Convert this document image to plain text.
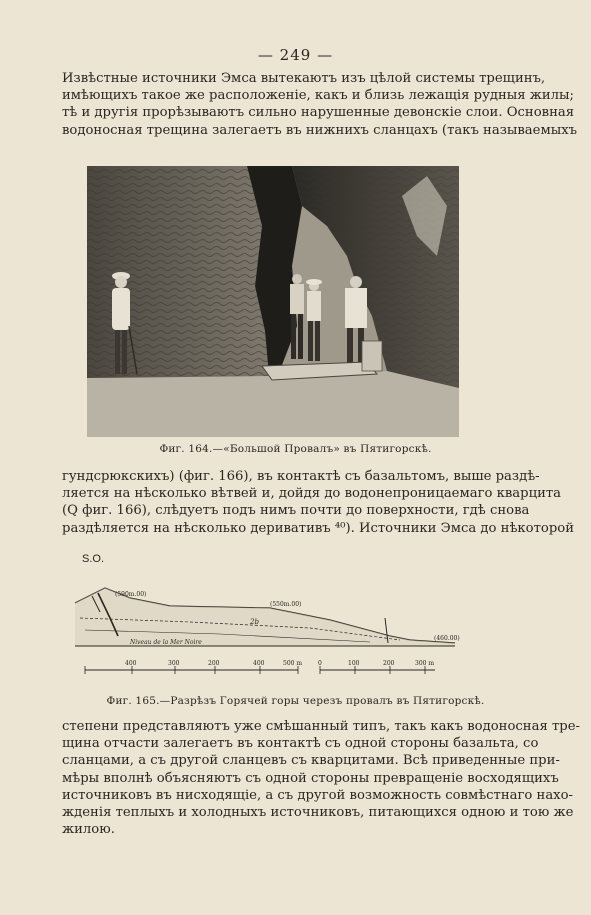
— 249 —
Извѣстные источники Эмса вытекаютъ изъ цѣлой системы трещинъ,
имѣющихъ такое же расположеніе, какъ и близь лежащія рудныя жилы;
тѣ и другія прорѣзываютъ сильно нарушенные девонскіе слои. Основная
водоносная трещина залегаетъ въ нижнихъ сланцахъ (такъ называемыхъ
Фиг. 164.—«Большой Провалъ» въ Пятигорскѣ.
гундсрюкскихъ) (фиг. 166), въ контактѣ съ базальтомъ, выше раздѣ-
ляется на нѣсколько вѣтвей и, дойдя до водонепроницаемаго кварцита
(Q фиг. 166), слѣдуетъ подъ нимъ почти до поверхности, гдѣ снова
раздѣляется на нѣсколько деривативъ ⁴⁰). Источники Эмса до нѣкоторой
S.O.
(590m.00)
(550m.00)
(460.00)
2b
Niveau de la Mer Noire
400	300	200	400	500 m	0	100	200	300 m
Фиг. 165.—Разрѣзъ Горячей горы черезъ провалъ въ Пятигорскѣ.
степени представляютъ уже смѣшанный типъ, такъ какъ водоносная тре-
щина отчасти залегаетъ въ контактѣ съ одной стороны базальта, со
сланцами, а съ другой сланцевъ съ кварцитами. Всѣ приведенные при-
мѣры вполнѣ объясняютъ съ одной стороны превращеніе восходящихъ
источниковъ въ нисходящіе, а съ другой возможность совмѣстнаго нахо-
жденія теплыхъ и холодныхъ источниковъ, питающихся одною и тою же
жилою.
